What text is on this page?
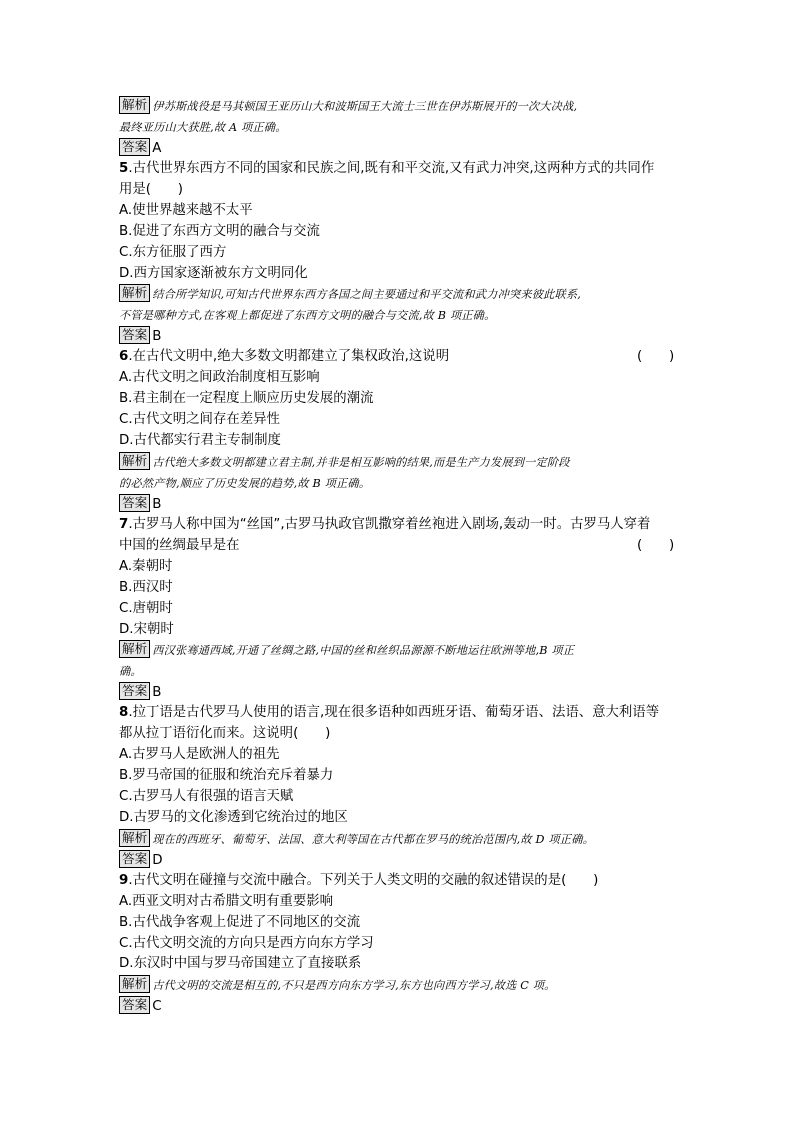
解析 伊苏斯战役是马其顿国王亚历山大和波斯国王大流士三世在伊苏斯展开的一次大决战,
最终亚历山大获胜,故 A 项正确。
答案 A
5.古代世界东西方不同的国家和民族之间,既有和平交流,又有武力冲突,这两种方式的共同作
用是(　　)
A.使世界越来越不太平
B.促进了东西方文明的融合与交流
C.东方征服了西方
D.西方国家逐渐被东方文明同化
解析 结合所学知识,可知古代世界东西方各国之间主要通过和平交流和武力冲突来彼此联系,
不管是哪种方式,在客观上都促进了东西方文明的融合与交流,故 B 项正确。
答案 B
6.在古代文明中,绝大多数文明都建立了集权政治,这说明	(　　)
A.古代文明之间政治制度相互影响
B.君主制在一定程度上顺应历史发展的潮流
C.古代文明之间存在差异性
D.古代都实行君主专制制度
解析 古代绝大多数文明都建立君主制,并非是相互影响的结果,而是生产力发展到一定阶段
的必然产物,顺应了历史发展的趋势,故 B 项正确。
答案 B
7.古罗马人称中国为“丝国”,古罗马执政官凯撒穿着丝袍进入剧场,轰动一时。古罗马人穿着
中国的丝绸最早是在	(　　)
A.秦朝时
B.西汉时
C.唐朝时
D.宋朝时
解析 西汉张骞通西域,开通了丝绸之路,中国的丝和丝织品源源不断地运往欧洲等地,B 项正
确。
答案 B
8.拉丁语是古代罗马人使用的语言,现在很多语种如西班牙语、葡萄牙语、法语、意大利语等
都从拉丁语衍化而来。这说明(　　)
A.古罗马人是欧洲人的祖先
B.罗马帝国的征服和统治充斥着暴力
C.古罗马人有很强的语言天赋
D.古罗马的文化渗透到它统治过的地区
解析 现在的西班牙、葡萄牙、法国、意大利等国在古代都在罗马的统治范围内,故 D 项正确。
答案 D
9.古代文明在碰撞与交流中融合。下列关于人类文明的交融的叙述错误的是(　　)
A.西亚文明对古希腊文明有重要影响
B.古代战争客观上促进了不同地区的交流
C.古代文明交流的方向只是西方向东方学习
D.东汉时中国与罗马帝国建立了直接联系
解析 古代文明的交流是相互的,不只是西方向东方学习,东方也向西方学习,故选 C 项。
答案 C
